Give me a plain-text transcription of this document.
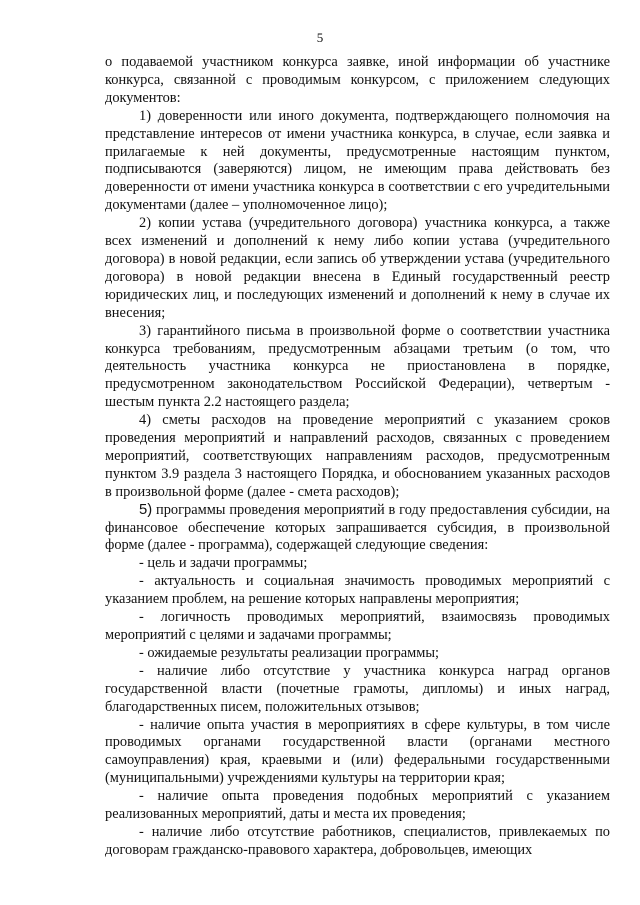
5

о подаваемой участником конкурса заявке, иной информации об участнике конкурса, связанной с проводимым конкурсом, с приложением следующих документов:

1) доверенности или иного документа, подтверждающего полномочия на представление интересов от имени участника конкурса, в случае, если заявка и прилагаемые к ней документы, предусмотренные настоящим пунктом, подписываются (заверяются) лицом, не имеющим права действовать без доверенности от имени участника конкурса в соответствии с его учредительными документами (далее – уполномоченное лицо);

2) копии устава (учредительного договора) участника конкурса, а также всех изменений и дополнений к нему либо копии устава (учредительного договора) в новой редакции, если запись об утверждении устава (учредительного договора) в новой редакции внесена в Единый государственный реестр юридических лиц, и последующих изменений и дополнений к нему в случае их внесения;

3) гарантийного письма в произвольной форме о соответствии участника конкурса требованиям, предусмотренным абзацами третьим (о том, что деятельность участника конкурса не приостановлена в порядке, предусмотренном законодательством Российской Федерации), четвертым - шестым пункта 2.2 настоящего раздела;

4) сметы расходов на проведение мероприятий с указанием сроков проведения мероприятий и направлений расходов, связанных с проведением мероприятий, соответствующих направлениям расходов, предусмотренным пунктом 3.9 раздела 3 настоящего Порядка, и обоснованием указанных расходов в произвольной форме (далее - смета расходов);

5) программы проведения мероприятий в году предоставления субсидии, на финансовое обеспечение которых запрашивается субсидия, в произвольной форме (далее - программа), содержащей следующие сведения:

- цель и задачи программы;

- актуальность и социальная значимость проводимых мероприятий с указанием проблем, на решение которых направлены мероприятия;

- логичность проводимых мероприятий, взаимосвязь проводимых мероприятий с целями и задачами программы;

- ожидаемые результаты реализации программы;

- наличие либо отсутствие у участника конкурса наград органов государственной власти (почетные грамоты, дипломы) и иных наград, благодарственных писем, положительных отзывов;

- наличие опыта участия в мероприятиях в сфере культуры, в том числе проводимых органами государственной власти (органами местного самоуправления) края, краевыми и (или) федеральными государственными (муниципальными) учреждениями культуры на территории края;

- наличие опыта проведения подобных мероприятий с указанием реализованных мероприятий, даты и места их проведения;

- наличие либо отсутствие работников, специалистов, привлекаемых по договорам гражданско-правового характера, добровольцев, имеющих
